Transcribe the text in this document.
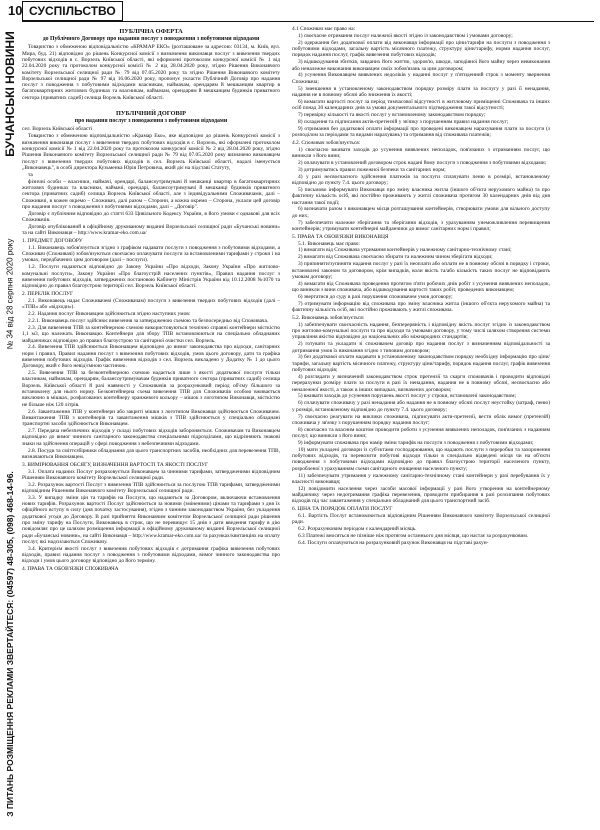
10 СУСПІЛЬСТВО
БУЧАНСЬКІ НОВИНИ
№ 34 від 28 серпня 2020 року
З ПИТАНЬ РОЗМІЩЕННЯ РЕКЛАМИ ЗВЕРТАЙТЕСЯ: (04597) 48-305, (098) 468-14-96.
ПУБЛІЧНА ОФЕРТА
до Публічного Договору про надання послуг з поводження з побутовими відходами

Товариство з обмеженою відповідальністю «КРАМАР ЕКО» (розташоване за адресою: 03134, м. Київ, вул. Мира, буд. 21) відповідно до рішень Конкурсної комісії з визначення виконавця послуг з вивезення твердих побутових відходів в с. Ворзель Київської області, які оформлені протоколом конкурсної комісії № 1 від 22.04.2020 року та протоколом конкурсної комісії № 2 від 28.04.2020 року, згідно Рішення Виконавчого комітету Ворзельської селищної ради № 79 від 07.05.2020 року та згідно Рішення Виконавчого комітету Ворзельської селищної ради № 97 від 16.06.2020 року, пропонує укласти Публічний Договір про надання послуг з поводження з побутовими відходами власникам, наймачам, орендарям й мешканцям квартир в багатоквартирних житлових будинках та власникам, наймачам, орендарям й мешканцям будинків приватного сектора (приватних садиб) селища Ворзель Київської області.

ПУБЛІЧНИЙ ДОГОВІР
про надання послуг з поводження з побутовими відходами

сел. Ворзель Київської області

Товариство з обмеженою відповідальністю «Крамар Еко», яке відповідно до рішень Конкурсної комісії з визначення виконавця послуг з вивезення твердих побутових відходів в с. Ворзель, які оформлені протоколом конкурсної комісії № 1 від 22.04.2020 року та протоколом конкурсної комісії № 2 від 28.04.2020 року, згідно Рішення Виконавчого комітету Ворзельської селищної ради № 79 від 07.05.2020 року визначено виконавцем послуг з вивезення твердих побутових відходів в сел. Ворзель Київської області, надалі іменується „Виконавець", в особі директора Кузьменка Юрія Петровича, який діє на підставі Статуту,

та

фізичні особи – власники, наймачі, орендарі, балансоутримувачі й мешканці квартир в багатоквартирних житлових будинках та власники, наймачі, орендарі, балансоутримувачі й мешканці будинків приватного сектора (приватних садиб) селища Ворзель Київської області, але з індивідуальними Споживачами, далі – Споживачі, в кожен окремо – Споживач, далі разом – Сторони, а кожна окремо – Сторона, уклали цей договір про надання послуг з поводження з побутовими відходами, далі – „Договір".

Договір є публічним відповідно до статті 633 Цивільного Кодексу України, в його умови є однакові для всіх Споживачів.

Договір опублікований в офіційному друкованому виданні Ворзельської селищної ради «Бучанські новини» та на сайті Виконавця – http://www.kramar-eko.com.ua/

1. ПРЕДМЕТ ДОГОВОРУ

1.1. Виконавець зобов'язується згідно з графіком надавати послуги з поводження з побутовими відходами, а Споживач (Споживачі) зобов'язуються своєчасно оплачувати послуги за встановленими тарифами у строки і на умовах, передбачених цим договором (далі – послуги).

1.2. Послуги надаються відповідно до Закону України «Про відходи, Закону України «Про житлово-комунальні послуги», Закону України «Про благоустрій населених пунктів», Правил надання послуг з вивезення побутових відходів, затверджених постановою Кабінету Міністрів України від 10.12.2008 №1070 та відповідно до правил благоустрою території сел. Ворзель Київської області.

2. ПЕРЕЛІК ПОСЛУГ

2.1. Виконавець надає Споживачеві (Споживачам) послуги з вивезення твердих побутових відходів (далі – «ТПВ» або «відходи»).

2.2. Надання послуг Виконавцем здійснюється згідно наступних умов:

2.2.1. Виконавець послуг здійснює вивезення за затвердженою схемою та безпосередньо від Споживача.

2.3. Для вивезення ТПВ за контейнерною схемою використовуються технічно справні контейнери місткістю 1,1 м3, що належать Виконавцю. Контейнери для збору ТПВ встановлюються на спеціально обладнаних майданчиках відповідно до правил благоустрою та санітарної очистки сел. Ворзель.

2.4. Вивезення ТПВ здійснюється Виконавцем відповідно до вимог законодавства про відходи, санітарних норм і правил, Правил надання послуг з вивезення побутових відходів, умов цього договору, дати та графіка вивезення побутових відходів. Графік вивезення відходів з сел. Ворзель викладено у Додатку № 1 до цього Договору, який є його невід'ємною частиною.

2.5. Вивезення ТПВ за безконтейнерною схемою надається лише з якості додаткової послуги тільки власникам, наймачам, орендарям, балансоутримувачам будинків приватного сектора (приватних садиб) селища Ворзель Київської області й разі наявності у Споживачів за розрахунковий період об'єму більшого за встановлену для нього норму. Безконтейнерна схема вивезення ТПВ для Споживачів особою вживається виключно в мішках, розфасованих контейнеру оранжевого кольору – мішок з логотипом Виконавця, місткістю не більше ніж 120 літрів.

2.6. Завантаження ТПВ у контейнери або закриті мішки з логотипом Виконавця здійснюється Споживачем. Вивантаження ТПВ з контейнерів та завантаження мішків з ТПВ здійснюється у спеціально обладнані транспортні засоби здійснюється Виконавцем.

2.7. Передача небезпечних відходів у складі побутових відходів забороняється. Споживачам та Виконавцем відповідно до вимог чинного санітарного законодавства спеціальними підрозділами, що відрізняють знакові знаки на здійснення операцій у сфері поводження з небезпечними відходами.

2.8. Посуди та сміттєзбірники обладнання для цього транспортних засобів, необхідних для перевезення ТПВ, визначаються Виконавцем.

3. ВИМІРЮВАННЯ ОБСЯГУ, ВИЗНАЧЕННЯ ВАРТОСТІ ТА ЯКОСТІ ПОСЛУГ

3.1. Оплата наданих Послуг розраховується Виконавцем за чинними тарифами, затвердженими відповідним Рішенням Виконавчого комітету Ворзельської селищної ради.

3.2. Розрахунок вартості Послуг з вивезення ТПВ здійснюється за послугою ТПВ тарифами, затвердженими відповідним Рішенням Виконавчого комітету Ворзельської селищної ради.

3.3. У випадку зміни цін та тарифів на Послуги, що надаються за Договором, включаючи встановлення нових тарифів. Розрахунок вартості Послуг здійснюється за новими (зміненими) цінами та тарифами з дня їх офіційного вступу в силу (дня початку застосування), згідно з чинним законодавством України, без укладення додаткової угоди до Договору. В разі прийняття Виконавчим комітетом Ворзельської селищної ради рішення про зміну тарифу на Послуги, Виконавець в строк, що не перевищує 15 днів з дати введення тарифу в дію повідомляє про це шляхом розміщення інформації в офіційному друкованому виданні Ворзельської селищної ради «Бучанські новини», на сайті Виконавця – http://www.kramar-eko.com.ua/ та рахунках/квитанціях на оплату послуг, які надсилаються Споживачу.

3.4. Критерієм якості послуг з вивезення побутових відходів є дотримання графіка вивезення побутових відходів, правил надання послуг з поводження з побутовими відходами, вимог чинного законодавства про відходи і умов цього договору відповідно до його терміну.

4. ПРАВА ТА ОБОВ'ЯЗКИ СПОЖИВАЧА

4.1 Споживач має право на:

1) своєчасне отримання послуг належної якості згідно із законодавством і умовами договору;

2) одержання без додаткової оплати від виконавця інформації про ціни/тарифи на послуги з поводження з побутовими відходами, загальну вартість місячного платежу, структуру ціни/тарифу, норми надання послуг, порядок надання послуг, графік вивезення побутових відходів;

3) відшкодування збитків, завданих його життю, здоров'ю, шкоди, заподіяної його майну через невиконання або неналежне виконання виконавцем своїх зобов'язань за цим договором;

4) усунення Виконавцем виявлених недоліків у наданні послуг у п'ятиденний строк з моменту звернення Споживача;

5) зменшення в установленому законодавством порядку розміру плати за послугу у разі її ненадання, надання не в повному обсязі або зниження їх якості;

6) вимагати вартості послуг за період тимчасової відсутності в житловому приміщенні Споживача та інших осіб понад 30 календарних днів за умови документального підтвердження такої відсутності;

7) перевірку кількості та якості послуг у встановленому законодавством порядку;

8) складення та підписання актів-претензій у зв'язку з порушенням правил надання послуг;

9) отримання без додаткової оплати інформації про проведені виконавцем нарахування плати за послуги (з розподілом за періодами та видами нарахувань) та отримання від споживача платежів;

4.2. Споживач зобов'язується:

1) своєчасно вживати заходів до усунення виявлених неполадок, пов'язаних з отриманням послуг, що виникли з його вини;

2) оплачувати в установлений договором строк надані йому послуги з поводження з побутовими відходами;

3) дотримуватись правил пожежної безпеки та санітарних норм;

4) у разі несвоєчасного здійснення платежів за послуги сплачувати пеню в розмірі, встановленому відповідно до пункту 7.4. цього договору;

5) письмово інформувати Виконавця про зміну власника житла (іншого об'єкта нерухомого майна) та про фактичну кількість осіб, які постійно проживають у житлі споживача протягом 30 календарних днів від дня настання такої події;

6) визначати разом з виконавцем місця розташування контейнерів, створювати умови для вільного доступу до них;

7) забезпечити належне зберігання та зберігання відходів, з урахуванням унеможливлення перевищення контейнерів; утримувати контейнерні майданчики до вимог санітарних норм і правил;

5. ПРАВА ТА ОБОВ'ЯЗКИ ВИКОНАВЦЯ

5.1. Виконавець має право:

1) вимагати від Споживача утримання контейнерів у належному санітарно-технічному стані;

2) вимагати від Споживача своєчасно збирати та належним чином зберігати відходи;

3) припиняти/зупиняти надання послуг у разі їх неоплати або оплати не в повному обсязі в порядку і строки, встановлені законом та договором, крім випадків, коли якість та/або кількість таких послуг не відповідають умовам договору;

4) вимагати від Споживача проведення протягом п'яти робочих днів робіт з усунення виявлених неполадок, що виникли з вини споживача, або відшкодування вартості таких робіт, проведених виконавцем;

6) звертатися до суду в разі порушення споживачем умов договору;

7) отримувати інформацію від споживача про зміну власника житла (іншого об'єкта нерухомого майна) та фактичну кількість осіб, які постійно проживають у житлі споживача.

5.2. Виконавець зобов'язується:

1) забезпечувати своєчасність надання, безперервність і відповідну якість послуг згідно із законодавством про житлово-комунальні послуги та про відходи та умовами договору, у тому числі шляхом створення системи управління якістю відповідно до національних або міжнародних стандартів;

2) готувати та укладати зі споживачем договір про надання послуг з визначенням відповідальності за дотримання умов їх виконання згідно з типовим договором;

3) без додаткової оплати надавати в установленому законодавством порядку необхідну інформацію про ціни/тарифи, загальну вартість місячного платежу, структуру ціни/тарифу, порядок надання послуг, графік вивезення побутових відходів;

4) розглядати у визначений законодавством строк претензії та скарги споживачів і проводити відповідні перерахунки розміру плати за послуги в разі їх ненадання, надання не в повному обсязі, несвоєчасно або неналежної якості, а також в інших випадках, визначених договором;

5) вживати заходів до усунення порушень якості послуг у строки, встановлені законодавством;

6) сплачувати споживачу у разі ненадання або надання не в повному обсязі послуг неустойку (штраф, пеню) у розмірі, встановленому відповідно до пункту 7.4. цього договору;

7) своєчасно реагувати на виклики споживача, підписувати акти-претензії, вести облік вимог (претензій) споживача у зв'язку з порушенням порядку надання послуг;

8) своєчасно та власним коштом проводити роботи з усунення виявлених неполадок, пов'язаних з наданням послуг, що виникли з його вини;

9) інформувати споживача про намір зміни тарифів на послуги з поводження з побутовими відходами;

10) мати укладені договори із суб'єктами господарювання, що надають послуги з переробки та захоронення побутових відходів, та перевозити побутові відходи тільки в спеціально відведені місця чи на об'єкти поводження з побутовими відходами відповідно до правил благоустрою території населеного пункту, розробленої з урахуванням схеми санітарного очищення населеного пункту;

11) забезпечувати утримання у належному санітарно-технічному стані контейнери у разі перебування їх у власності виконавця;

12) повідомити населення через засоби масової інформації у разі його утворення на контейнерному майданчику через недотримання графіка перевезення, проводити прибирання в разі розсипання побутових відходів під час завантаження у спеціально обладнаний для цього транспортний засіб.

6. ЦІНА ТА ПОРЯДОК ОПЛАТИ ПОСЛУГ

6.1. Вартість Послуг встановлюється відповідним Рішенням Виконавчого комітету Ворзельської селищної ради.

6.2. Розрахунковим періодом є календарний місяць.

6.3 Платежі вносяться не пізніше ніж протягом останнього дня місяця, що настає за розрахунковим.

6.4. Послуги оплачуються на розрахунковий рахунок Виконавця на підставі рахун-
